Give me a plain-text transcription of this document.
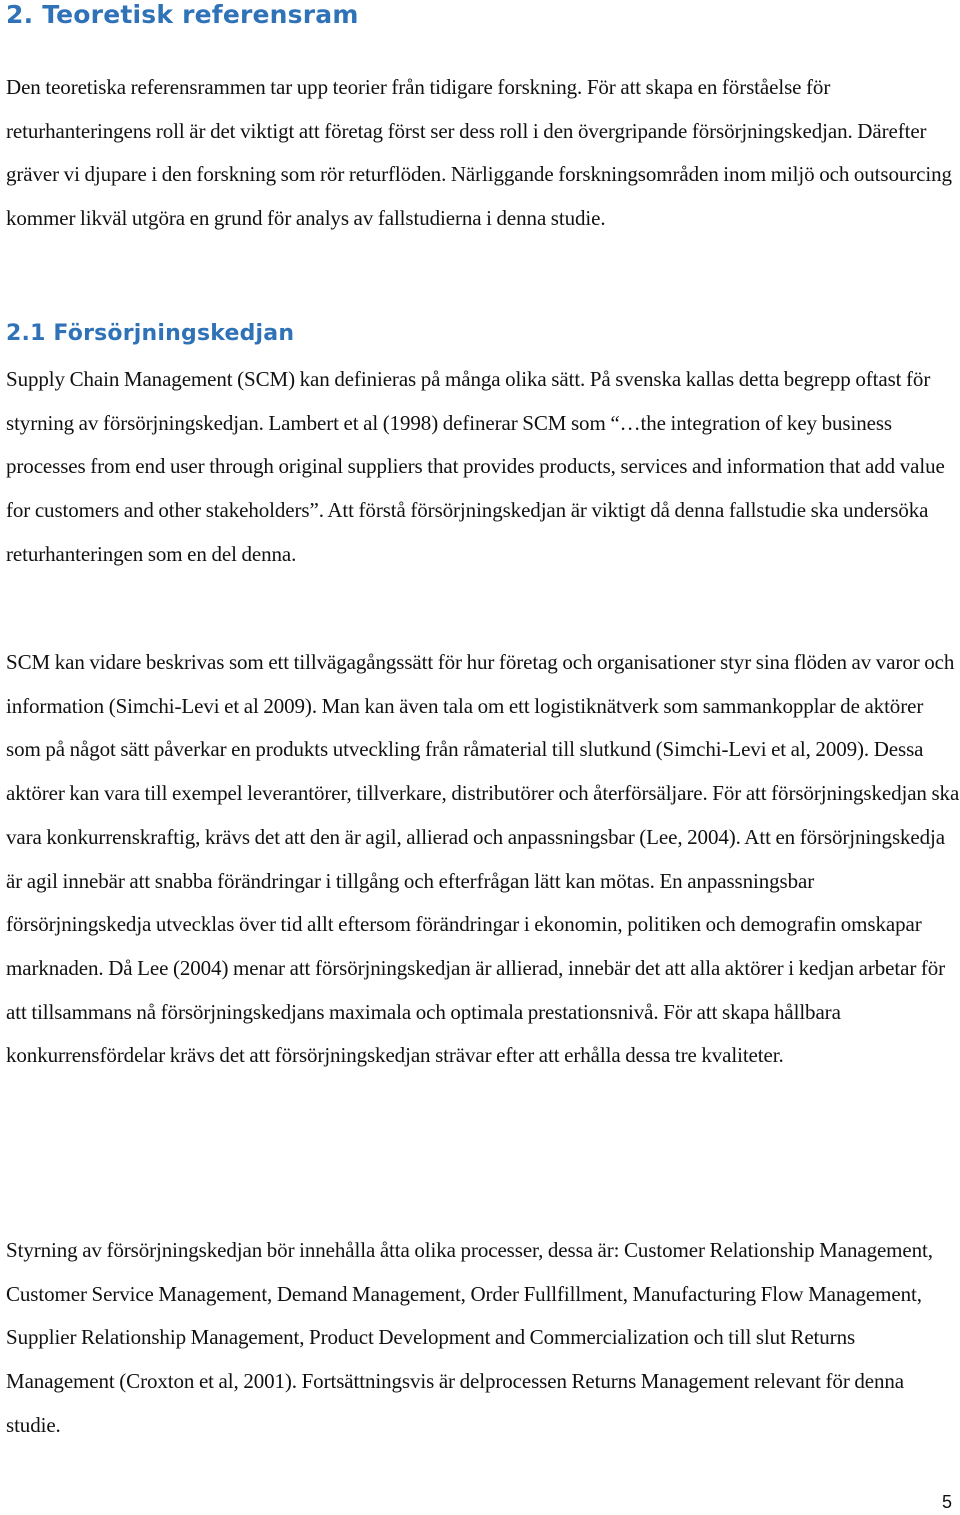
2. Teoretisk referensram

Den teoretiska referensrammen tar upp teorier från tidigare forskning. För att skapa en förståelse för returhanteringens roll är det viktigt att företag först ser dess roll i den övergripande försörjningskedjan. Därefter gräver vi djupare i den forskning som rör returflöden. Närliggande forskningsområden inom miljö och outsourcing kommer likväl utgöra en grund för analys av fallstudierna i denna studie.

2.1 Försörjningskedjan

Supply Chain Management (SCM) kan definieras på många olika sätt. På svenska kallas detta begrepp oftast för styrning av försörjningskedjan. Lambert et al (1998) definerar SCM som “…the integration of key business processes from end user through original suppliers that provides products, services and information that add value for customers and other stakeholders”. Att förstå försörjningskedjan är viktigt då denna fallstudie ska undersöka returhanteringen som en del denna.

SCM kan vidare beskrivas som ett tillvägagångssätt för hur företag och organisationer styr sina flöden av varor och information (Simchi-Levi et al 2009). Man kan även tala om ett logistiknätverk som sammankopplar de aktörer som på något sätt påverkar en produkts utveckling från råmaterial till slutkund (Simchi-Levi et al, 2009). Dessa aktörer kan vara till exempel leverantörer, tillverkare, distributörer och återförsäljare. För att försörjningskedjan ska vara konkurrenskraftig, krävs det att den är agil, allierad och anpassningsbar (Lee, 2004). Att en försörjningskedja är agil innebär att snabba förändringar i tillgång och efterfrågan lätt kan mötas. En anpassningsbar försörjningskedja utvecklas över tid allt eftersom förändringar i ekonomin, politiken och demografin omskapar marknaden. Då Lee (2004) menar att försörjningskedjan är allierad, innebär det att alla aktörer i kedjan arbetar för att tillsammans nå försörjningskedjans maximala och optimala prestationsnivå. För att skapa hållbara konkurrensfördelar krävs det att försörjningskedjan strävar efter att erhålla dessa tre kvaliteter.

Styrning av försörjningskedjan bör innehålla åtta olika processer, dessa är: Customer Relationship Management, Customer Service Management, Demand Management, Order Fullfillment, Manufacturing Flow Management, Supplier Relationship Management, Product Development and Commercialization och till slut Returns Management (Croxton et al, 2001). Fortsättningsvis är delprocessen Returns Management relevant för denna studie.

5
